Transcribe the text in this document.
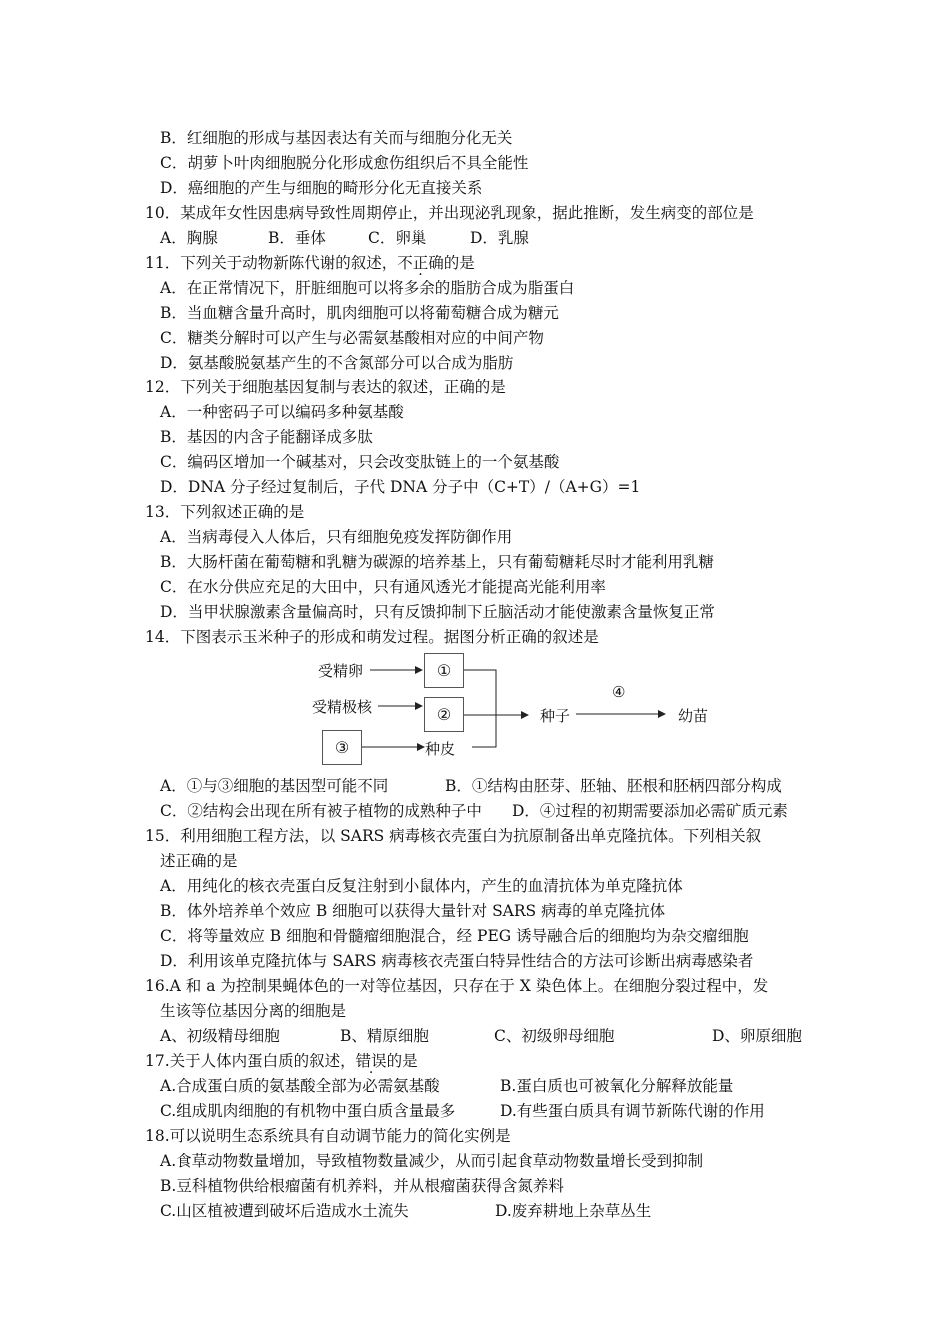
B．红细胞的形成与基因表达有关而与细胞分化无关
C．胡萝卜叶肉细胞脱分化形成愈伤组织后不具全能性
D．癌细胞的产生与细胞的畸形分化无直接关系
10．某成年女性因患病导致性周期停止，并出现泌乳现象，据此推断，发生病变的部位是
A．胸腺	B．垂体	C．卵巢	D．乳腺
11．下列关于动物新陈代谢的叙述，不正确的是
A．在正常情况下，肝脏细胞可以将多余的脂肪合成为脂蛋白
B．当血糖含量升高时，肌肉细胞可以将葡萄糖合成为糖元
C．糖类分解时可以产生与必需氨基酸相对应的中间产物
D．氨基酸脱氨基产生的不含氮部分可以合成为脂肪
12．下列关于细胞基因复制与表达的叙述，正确的是
A．一种密码子可以编码多种氨基酸
B．基因的内含子能翻译成多肽
C．编码区增加一个碱基对，只会改变肽链上的一个氨基酸
D．DNA 分子经过复制后，子代 DNA 分子中（C+T）/（A+G）=1
13．下列叙述正确的是
A．当病毒侵入人体后，只有细胞免疫发挥防御作用
B．大肠杆菌在葡萄糖和乳糖为碳源的培养基上，只有葡萄糖耗尽时才能利用乳糖
C．在水分供应充足的大田中，只有通风透光才能提高光能利用率
D．当甲状腺激素含量偏高时，只有反馈抑制下丘脑活动才能使激素含量恢复正常
14．下图表示玉米种子的形成和萌发过程。据图分析正确的叙述是
受精卵
受精极核
①
②
③	种皮
种子
④
幼苗
A．①与③细胞的基因型可能不同	B．①结构由胚芽、胚轴、胚根和胚柄四部分构成
C．②结构会出现在所有被子植物的成熟种子中 D．④过程的初期需要添加必需矿质元素
15．利用细胞工程方法，以 SARS 病毒核衣壳蛋白为抗原制备出单克隆抗体。下列相关叙
述正确的是
A．用纯化的核衣壳蛋白反复注射到小鼠体内，产生的血清抗体为单克隆抗体
B．体外培养单个效应 B 细胞可以获得大量针对 SARS 病毒的单克隆抗体
C．将等量效应 B 细胞和骨髓瘤细胞混合，经 PEG 诱导融合后的细胞均为杂交瘤细胞
D．利用该单克隆抗体与 SARS 病毒核衣壳蛋白特异性结合的方法可诊断出病毒感染者
16.A 和 a 为控制果蝇体色的一对等位基因，只存在于 X 染色体上。在细胞分裂过程中，发
生该等位基因分离的细胞是
A、初级精母细胞	B、精原细胞	C、初级卵母细胞	D、卵原细胞
17.关于人体内蛋白质的叙述，错误的是
A.合成蛋白质的氨基酸全部为必需氨基酸	B.蛋白质也可被氧化分解释放能量
C.组成肌肉细胞的有机物中蛋白质含量最多	D.有些蛋白质具有调节新陈代谢的作用
18.可以说明生态系统具有自动调节能力的简化实例是
A.食草动物数量增加，导致植物数量减少，从而引起食草动物数量增长受到抑制
B.豆科植物供给根瘤菌有机养料，并从根瘤菌获得含氮养料
C.山区植被遭到破坏后造成水土流失	D.废弃耕地上杂草丛生
